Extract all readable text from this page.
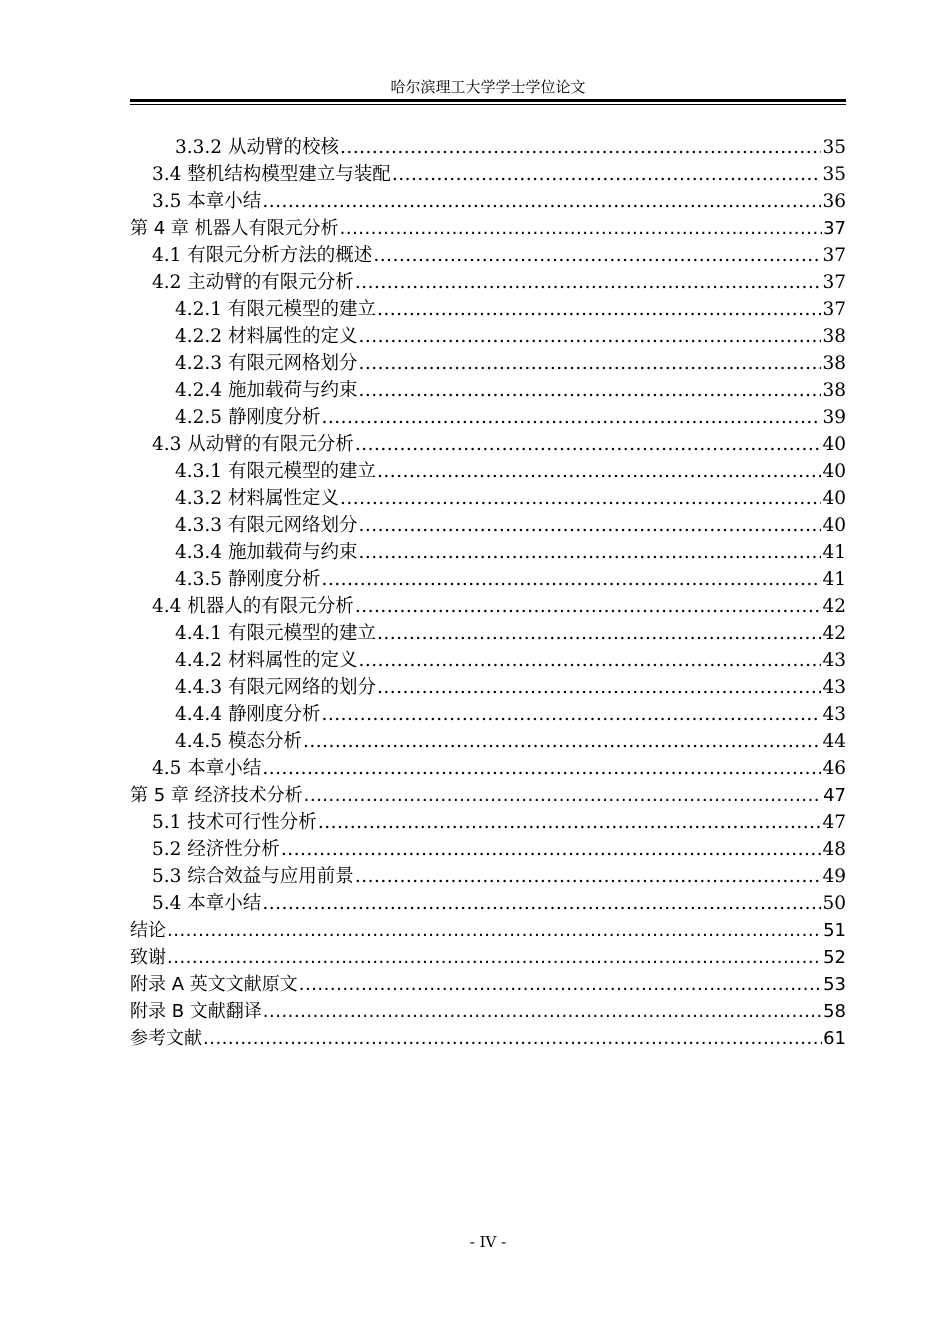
哈尔滨理工大学学士学位论文
3.3.2 从动臂的校核 .....	35
3.4 整机结构模型建立与装配 .....	35
3.5 本章小结 .....	36
第 4 章 机器人有限元分析 .....	37
4.1 有限元分析方法的概述 .....	37
4.2 主动臂的有限元分析 .....	37
4.2.1 有限元模型的建立 .....	37
4.2.2 材料属性的定义 .....	38
4.2.3 有限元网格划分 .....	38
4.2.4 施加载荷与约束 .....	38
4.2.5 静刚度分析 .....	39
4.3 从动臂的有限元分析 .....	40
4.3.1 有限元模型的建立 .....	40
4.3.2 材料属性定义 .....	40
4.3.3 有限元网络划分 .....	40
4.3.4 施加载荷与约束 .....	41
4.3.5 静刚度分析 .....	41
4.4 机器人的有限元分析 .....	42
4.4.1 有限元模型的建立 .....	42
4.4.2 材料属性的定义 .....	43
4.4.3 有限元网络的划分 .....	43
4.4.4 静刚度分析 .....	43
4.4.5 模态分析 .....	44
4.5 本章小结 .....	46
第 5 章 经济技术分析 .....	47
5.1 技术可行性分析 .....	47
5.2 经济性分析 .....	48
5.3 综合效益与应用前景 .....	49
5.4 本章小结 .....	50
结论 .....	51
致谢 .....	52
附录 A 英文文献原文 .....	53
附录 B 文献翻译 .....	58
参考文献 .....	61
- IV -
